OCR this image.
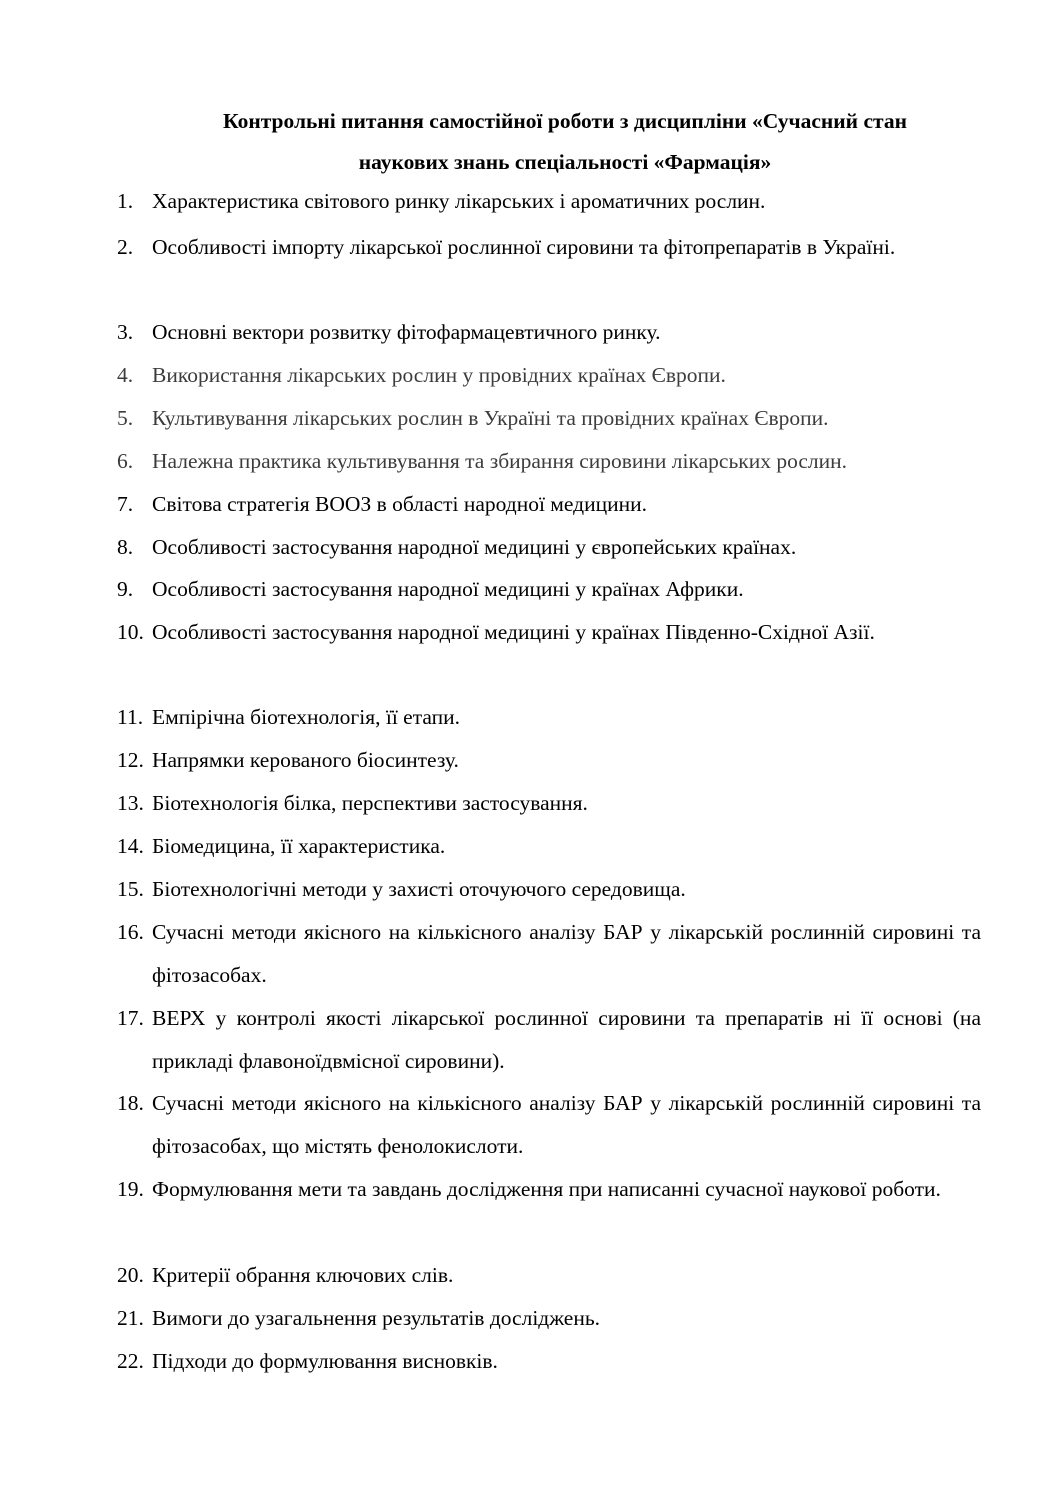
Контрольні питання самостійної роботи з дисципліни «Сучасний стан
наукових знань спеціальності «Фармація»
1. Характеристика світового ринку лікарських і ароматичних рослин.
2. Особливості імпорту лікарської рослинної сировини та фітопрепаратів в Україні.
3. Основні вектори розвитку фітофармацевтичного ринку.
4. Використання лікарських рослин у провідних країнах Європи.
5. Культивування лікарських рослин в Україні та провідних країнах Європи.
6. Належна практика культивування та збирання сировини лікарських рослин.
7. Світова стратегія ВООЗ в області народної медицини.
8. Особливості застосування народної медицині у європейських країнах.
9. Особливості застосування народної медицині у країнах Африки.
10. Особливості застосування народної медицині у країнах Південно-Східної Азії.
11. Емпірічна біотехнологія, її етапи.
12. Напрямки керованого біосинтезу.
13. Біотехнологія білка, перспективи застосування.
14. Біомедицина, її характеристика.
15. Біотехнологічні методи у захисті оточуючого середовища.
16. Сучасні методи якісного на кількісного аналізу БАР у лікарській рослинній сировині та фітозасобах.
17. ВЕРХ у контролі якості лікарської рослинної сировини та препаратів ні її основі (на прикладі флавоноїдвмісної сировини).
18. Сучасні методи якісного на кількісного аналізу БАР у лікарській рослинній сировині та фітозасобах, що містять фенолокислоти.
19. Формулювання мети та завдань дослідження при написанні сучасної наукової роботи.
20. Критерії обрання ключових слів.
21. Вимоги до узагальнення результатів досліджень.
22. Підходи до формулювання висновків.
